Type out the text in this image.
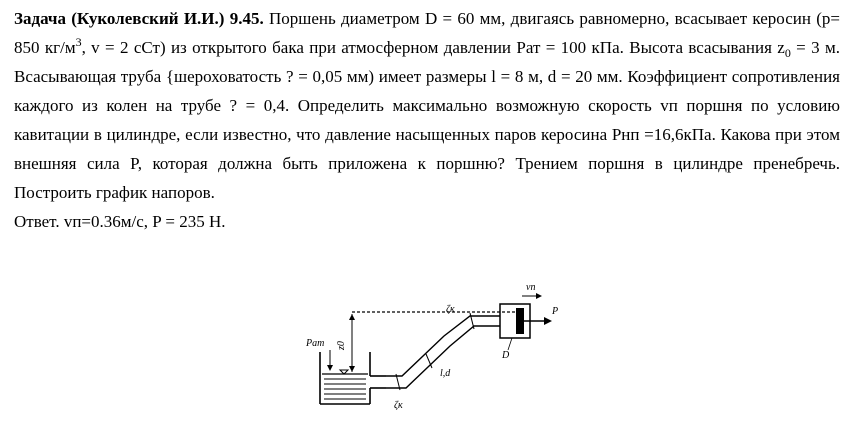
Задача (Куколевский И.И.) 9.45. Поршень диаметром D = 60 мм, двигаясь равномерно, всасывает керосин (р= 850 $кг/м^3$, v = 2 сСт) из открытого бака при атмосферном давлении Рат = 100 кПа. Высота всасывания $z_0 = 3$ м. Всасывающая труба {шероховатость ? = 0,05 мм) имеет размеры l = 8 м, d = 20 мм. Коэффициент сопротивления каждого из колен на трубе ? = 0,4. Определить максимально возможную скорость vп поршня по условию кавитации в цилиндре, если известно, что давление насыщенных паров керосина Рнп =16,6кПа. Какова при этом внешняя сила P, которая должна быть приложена к поршню? Трением поршня в цилиндре пренебречь. Построить график напоров.

Ответ. vп=0.36м/с, P = 235 Н.

Pат z0
ζк
ζк
l,d
P
vп
D
